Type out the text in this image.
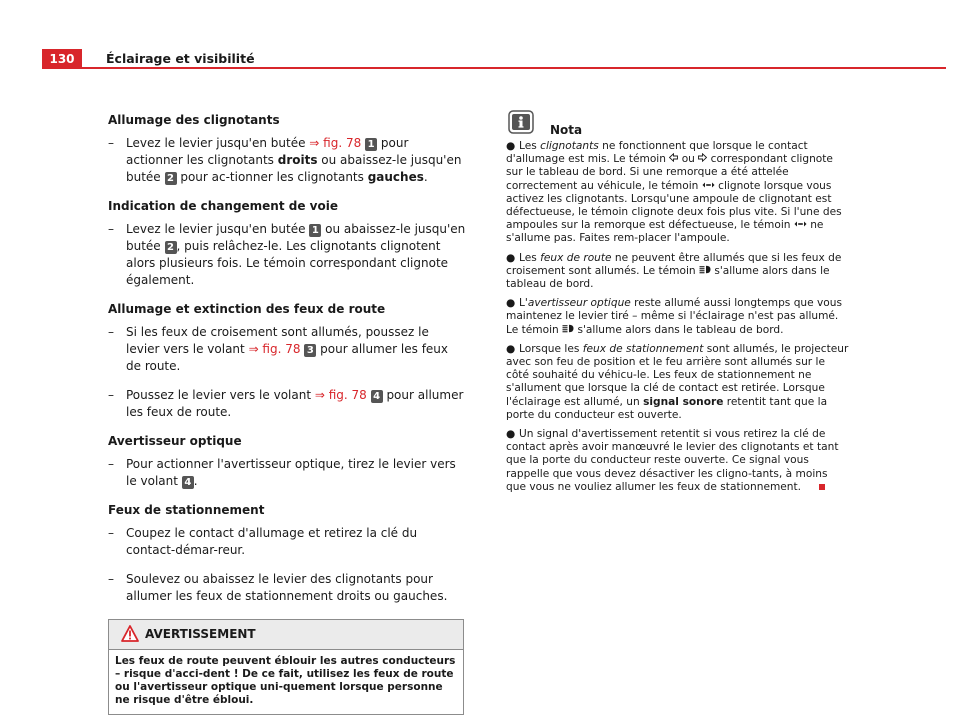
130	Éclairage et visibilité
Allumage des clignotants
– Levez le levier jusqu'en butée ⇒ fig. 78 1 pour actionner les clignotants droits ou abaissez-le jusqu'en butée 2 pour ac-tionner les clignotants gauches.
Indication de changement de voie
– Levez le levier jusqu'en butée 1 ou abaissez-le jusqu'en butée 2 , puis relâchez-le. Les clignotants clignotent alors plusieurs fois. Le témoin correspondant clignote également.
Allumage et extinction des feux de route
– Si les feux de croisement sont allumés, poussez le levier vers le volant ⇒ fig. 78 3 pour allumer les feux de route.
– Poussez le levier vers le volant ⇒ fig. 78 4 pour allumer les feux de route.
Avertisseur optique
– Pour actionner l'avertisseur optique, tirez le levier vers le volant 4 .
Feux de stationnement
– Coupez le contact d'allumage et retirez la clé du contact-démar-reur.
– Soulevez ou abaissez le levier des clignotants pour allumer les feux de stationnement droits ou gauches.
AVERTISSEMENT
Les feux de route peuvent éblouir les autres conducteurs – risque d'acci-dent ! De ce fait, utilisez les feux de route ou l'avertisseur optique uni-quement lorsque personne ne risque d'être ébloui.
Nota
● Les clignotants ne fonctionnent que lorsque le contact d'allumage est mis. Le témoin  ou  correspondant clignote sur le tableau de bord. Si une remorque a été attelée correctement au véhicule, le témoin  clignote lorsque vous activez les clignotants. Lorsqu'une ampoule de clignotant est défectueuse, le témoin clignote deux fois plus vite. Si l'une des ampoules sur la remorque est défectueuse, le témoin  ne s'allume pas. Faites rem-placer l'ampoule.
● Les feux de route ne peuvent être allumés que si les feux de croisement sont allumés. Le témoin  s'allume alors dans le tableau de bord.
● L'avertisseur optique reste allumé aussi longtemps que vous maintenez le levier tiré – même si l'éclairage n'est pas allumé. Le témoin  s'allume alors dans le tableau de bord.
● Lorsque les feux de stationnement sont allumés, le projecteur avec son feu de position et le feu arrière sont allumés sur le côté souhaité du véhicu-le. Les feux de stationnement ne s'allument que lorsque la clé de contact est retirée. Lorsque l'éclairage est allumé, un signal sonore retentit tant que la porte du conducteur est ouverte.
● Un signal d'avertissement retentit si vous retirez la clé de contact après avoir manœuvré le levier des clignotants et tant que la porte du conducteur reste ouverte. Ce signal vous rappelle que vous devez désactiver les cligno-tants, à moins que vous ne vouliez allumer les feux de stationnement.
